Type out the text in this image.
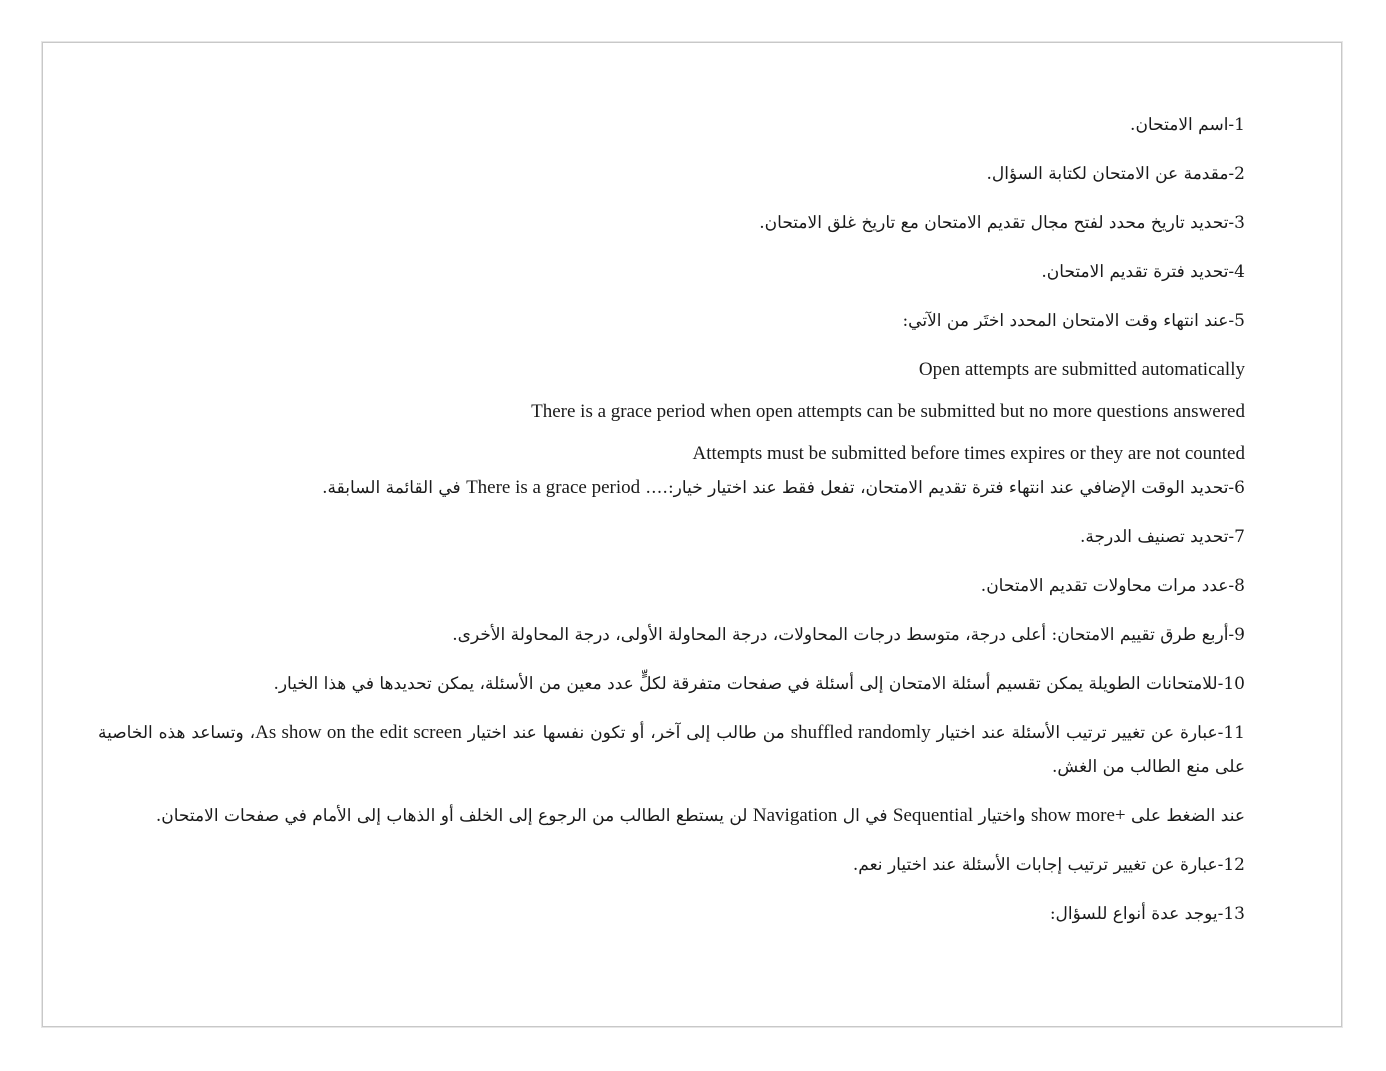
1-اسم الامتحان.

2-مقدمة عن الامتحان لكتابة السؤال.

3-تحديد تاريخ محدد لفتح مجال تقديم الامتحان مع تاريخ غلق الامتحان.

4-تحديد فترة تقديم الامتحان.

5-عند انتهاء وقت الامتحان المحدد اختَر من الآتي:

Open attempts are submitted automatically

There is a grace period when open attempts can be submitted but no more questions answered

Attempts must be submitted before times expires or they are not counted

6-تحديد الوقت الإضافي عند انتهاء فترة تقديم الامتحان، تفعل فقط عند اختيار خيار:…. There is a grace period في القائمة السابقة.

7-تحديد تصنيف الدرجة.

8-عدد مرات محاولات تقديم الامتحان.

9-أربع طرق تقييم الامتحان: أعلى درجة، متوسط درجات المحاولات، درجة المحاولة الأولى، درجة المحاولة الأخرى.

10-للامتحانات الطويلة يمكن تقسيم أسئلة الامتحان إلى أسئلة في صفحات متفرقة لكلٍّ عدد معين من الأسئلة، يمكن تحديدها في هذا الخيار.

11-عبارة عن تغيير ترتيب الأسئلة عند اختيار shuffled randomly من طالب إلى آخر، أو تكون نفسها عند اختيار As show on the edit screen، وتساعد هذه الخاصية على منع الطالب من الغش.

عند الضغط على show more+ واختيار Sequential في ال Navigation لن يستطع الطالب من الرجوع إلى الخلف أو الذهاب إلى الأمام في صفحات الامتحان.

12-عبارة عن تغيير ترتيب إجابات الأسئلة عند اختيار نعم.

13-يوجد عدة أنواع للسؤال:
